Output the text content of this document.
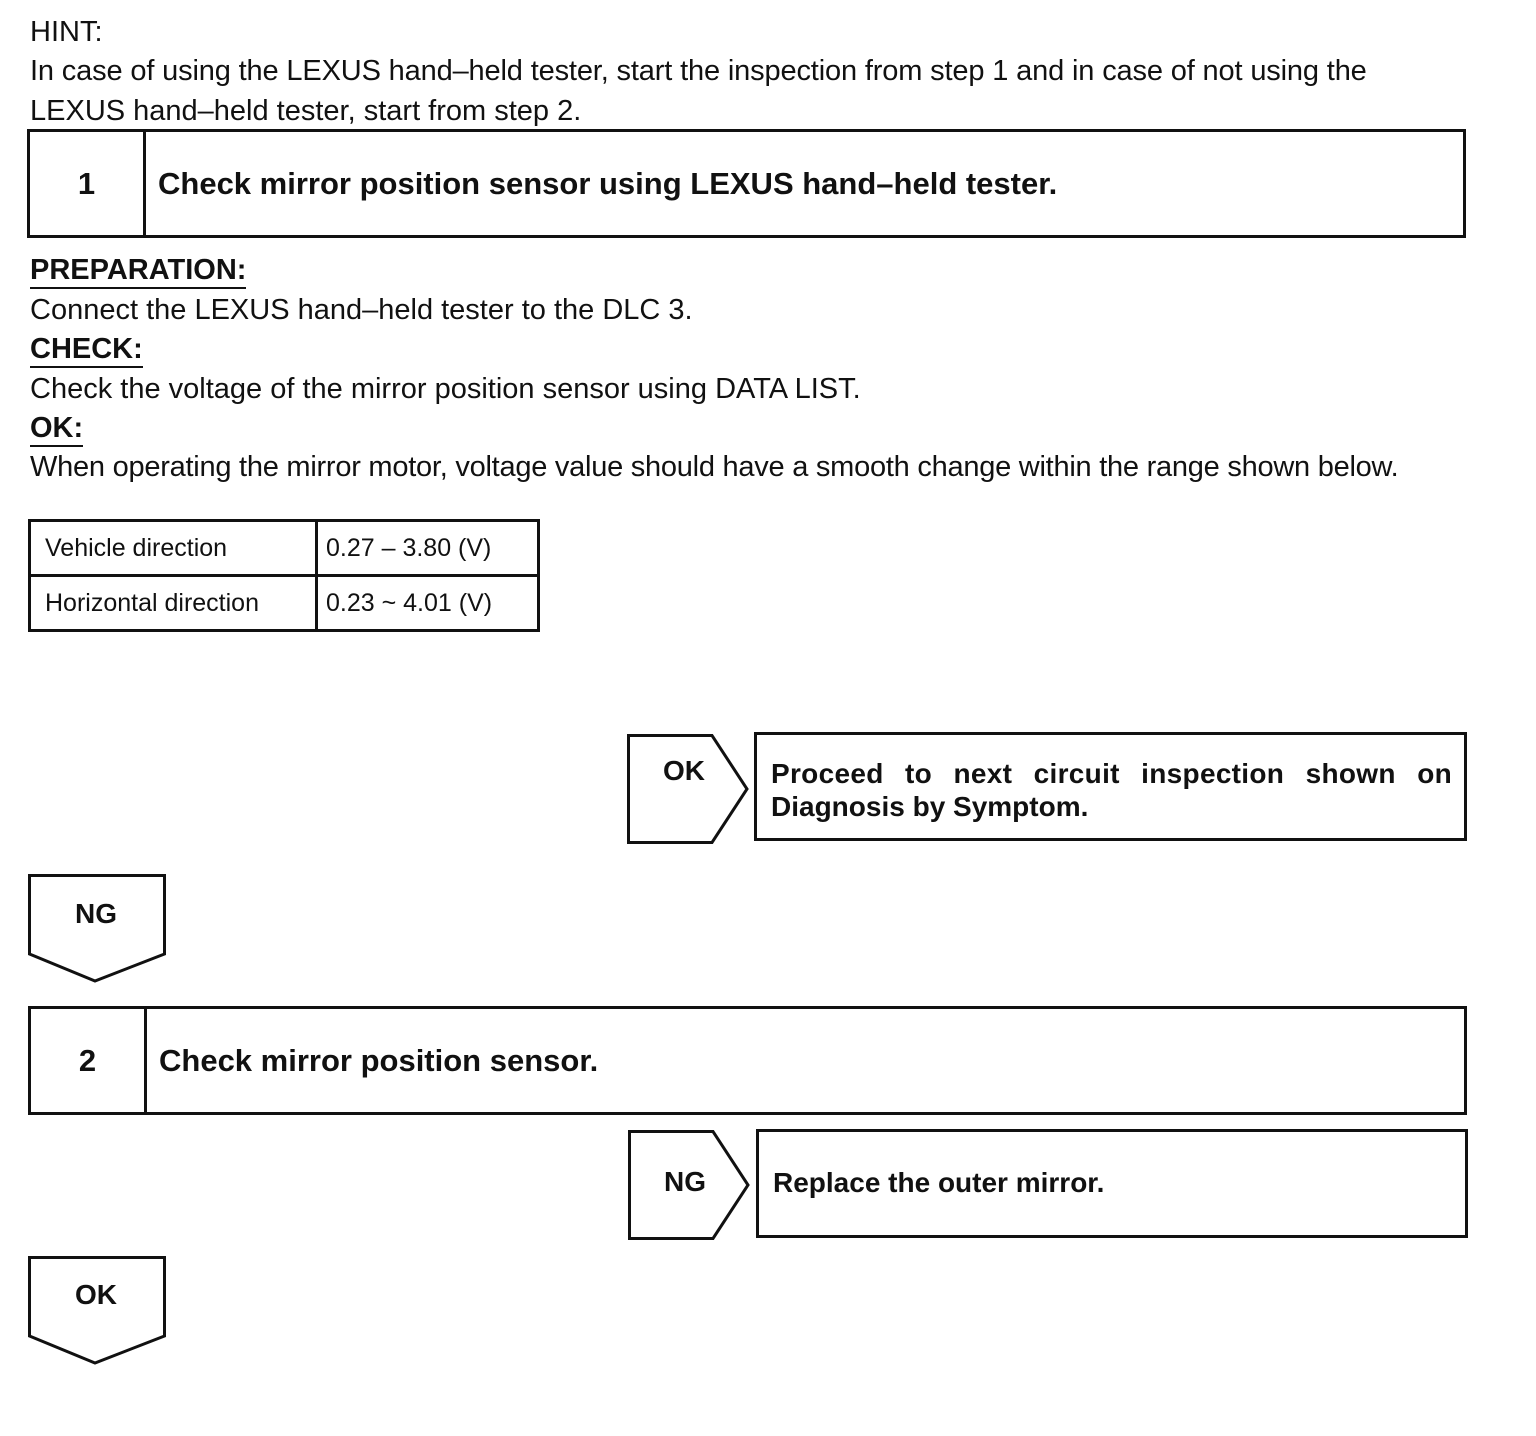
HINT:
In case of using the LEXUS hand–held tester, start the inspection from step 1 and in case of not using the
LEXUS hand–held tester, start from step 2.
1	Check mirror position sensor using LEXUS hand–held tester.
PREPARATION:
Connect the LEXUS hand–held tester to the DLC 3.
CHECK:
Check the voltage of the mirror position sensor using DATA LIST.
OK:
When operating the mirror motor, voltage value should have a smooth change within the range shown below.
Vehicle direction	0.27 – 3.80 (V)
Horizontal direction	0.23 ~ 4.01 (V)
OK	Proceed to next circuit inspection shown on
Diagnosis by Symptom.
NG
2	Check mirror position sensor.
NG	Replace the outer mirror.
OK
